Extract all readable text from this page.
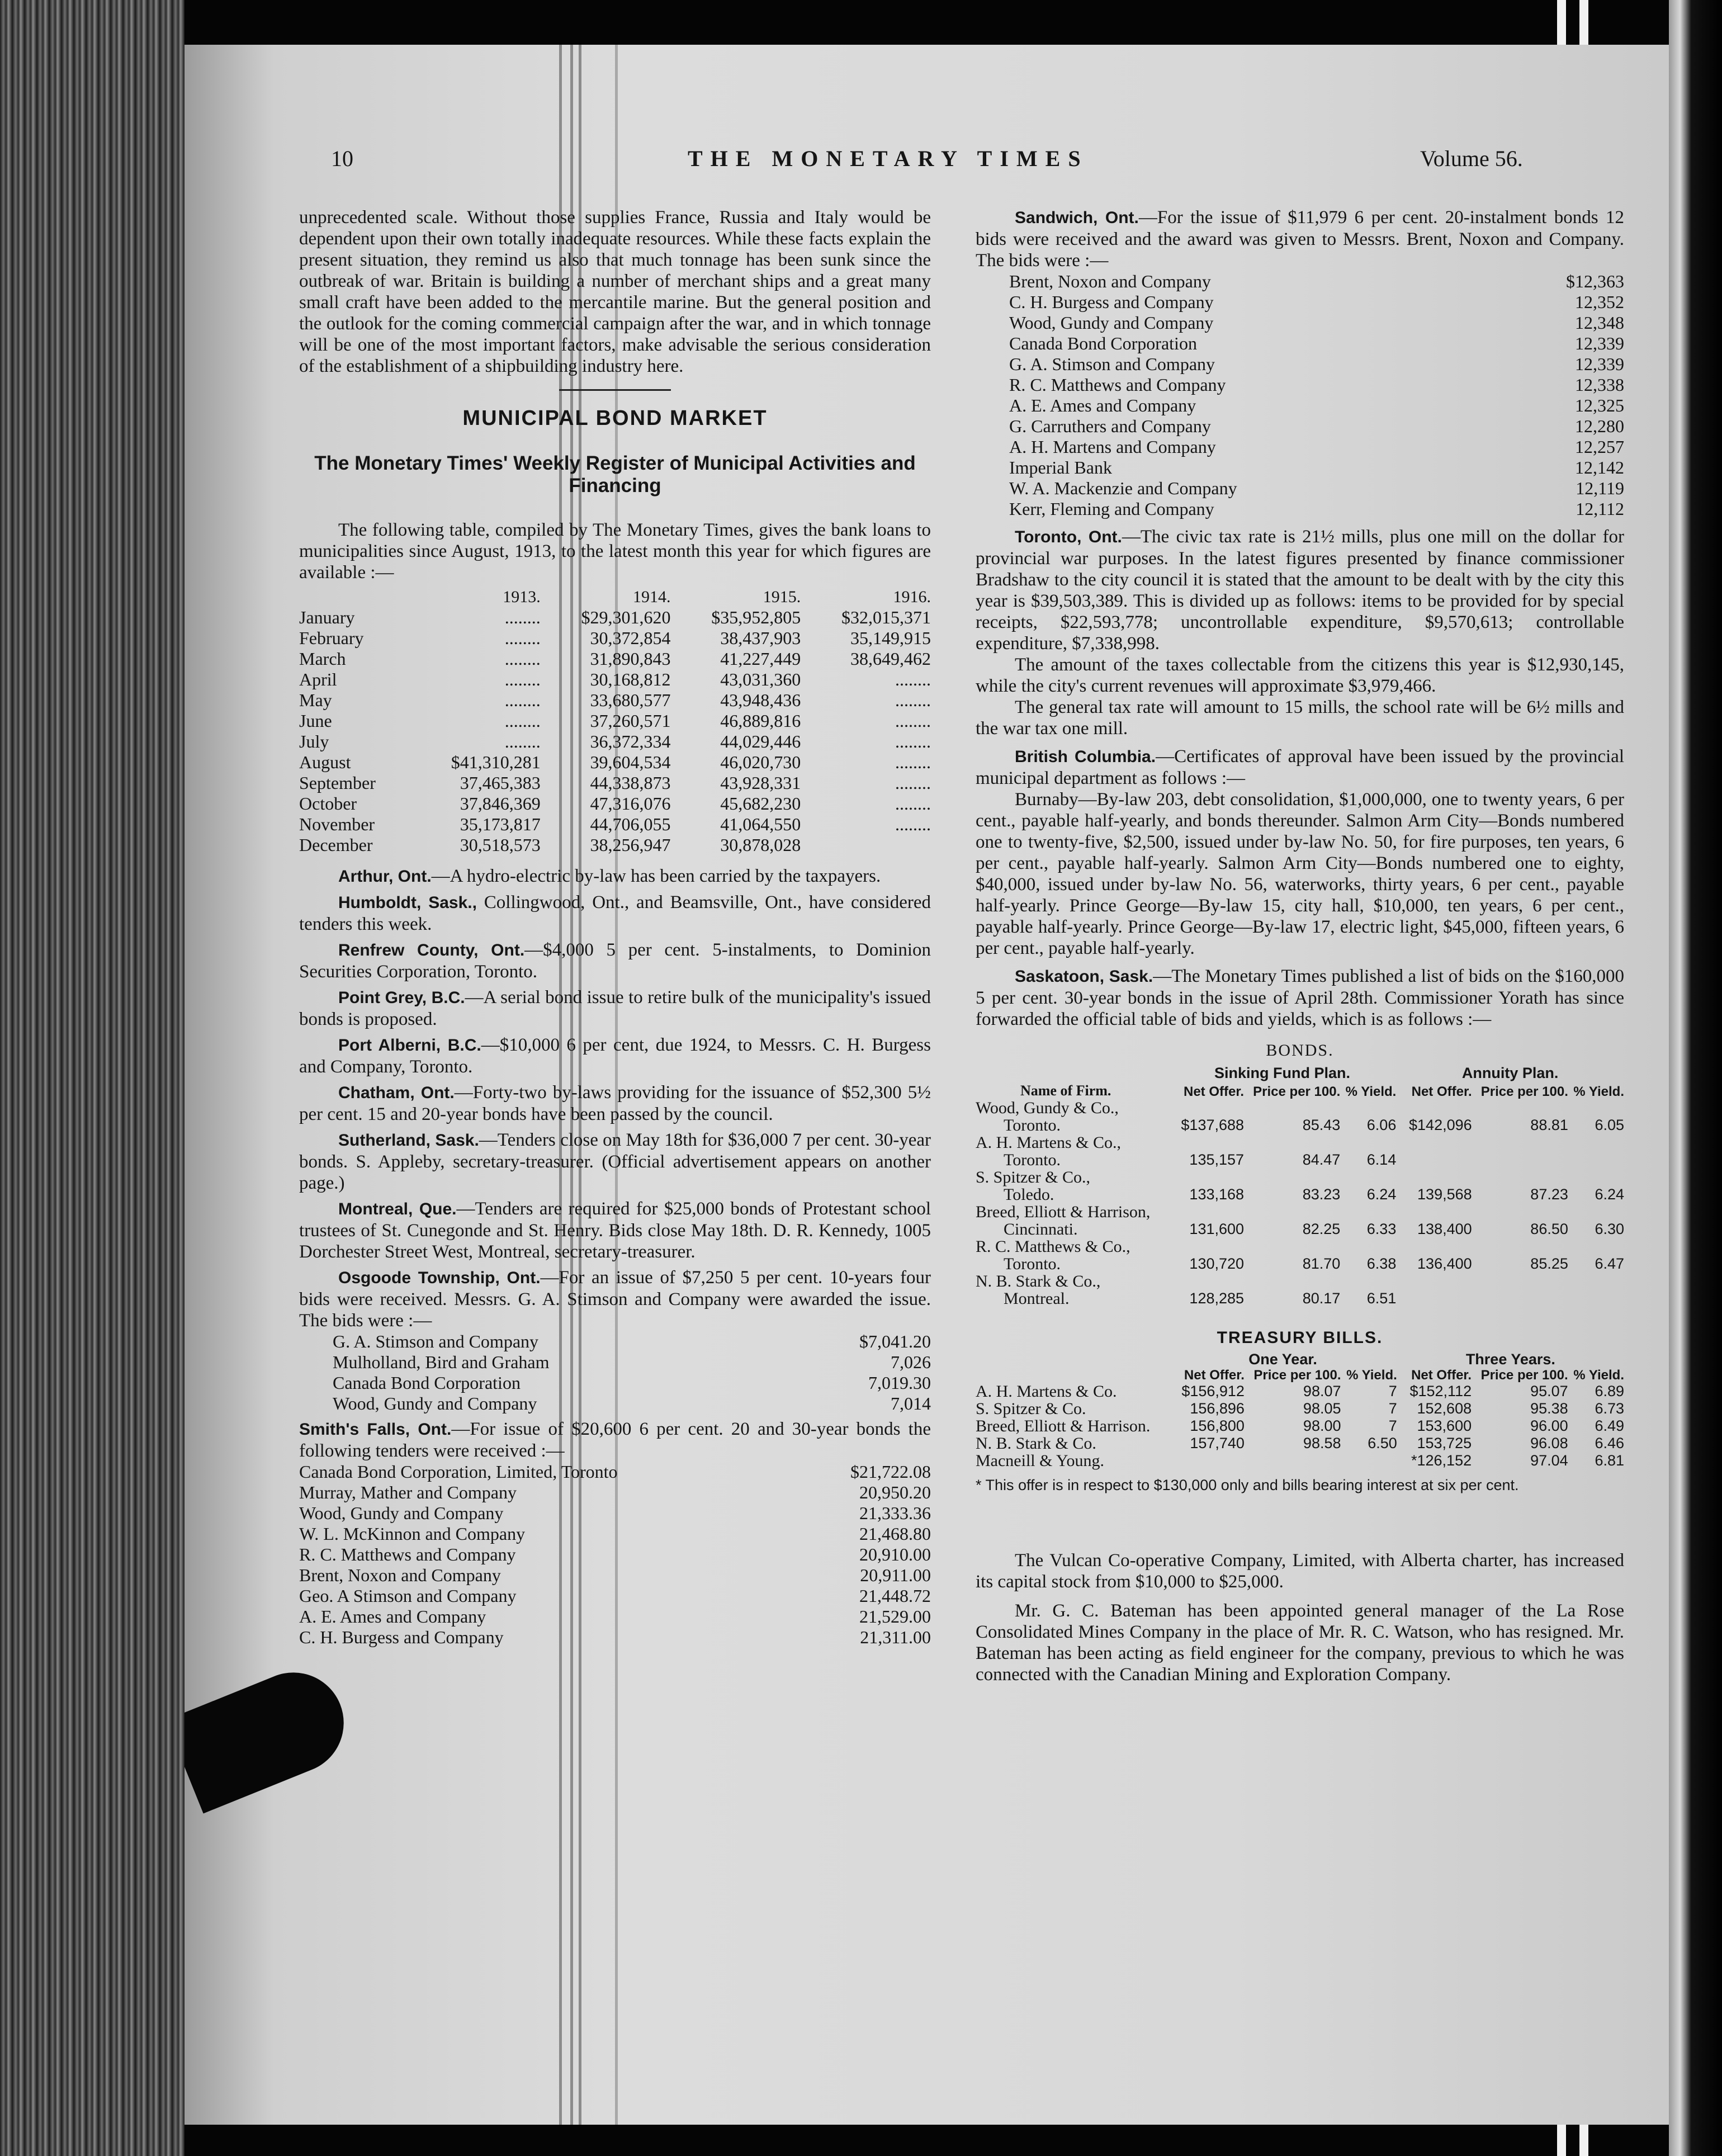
10	THE MONETARY TIMES	Volume 56.

unprecedented scale. Without those supplies France, Russia and Italy would be dependent upon their own totally inadequate resources. While these facts explain the present situation, they remind us also that much tonnage has been sunk since the outbreak of war. Britain is building a number of merchant ships and a great many small craft have been added to the mercantile marine. But the general position and the outlook for the coming commercial campaign after the war, and in which tonnage will be one of the most important factors, make advisable the serious consideration of the establishment of a shipbuilding industry here.

MUNICIPAL BOND MARKET
The Monetary Times' Weekly Register of Municipal Activities and Financing

The following table, compiled by The Monetary Times, gives the bank loans to municipalities since August, 1913, to the latest month this year for which figures are available :—

	1913.	1914.	1915.	1916.
January	........	$29,301,620	$35,952,805	$32,015,371
February	........	30,372,854	38,437,903	35,149,915
March	........	31,890,843	41,227,449	38,649,462
April	........	30,168,812	43,031,360	........
May	........	33,680,577	43,948,436	........
June	........	37,260,571	46,889,816	........
July	........	36,372,334	44,029,446	........
August	$41,310,281	39,604,534	46,020,730	........
September	37,465,383	44,338,873	43,928,331	........
October	37,846,369	47,316,076	45,682,230	........
November	35,173,817	44,706,055	41,064,550	........
December	30,518,573	38,256,947	30,878,028	

Arthur, Ont.—A hydro-electric by-law has been carried by the taxpayers.

Humboldt, Sask., Collingwood, Ont., and Beamsville, Ont., have considered tenders this week.

Renfrew County, Ont.—$4,000 5 per cent. 5-instalments, to Dominion Securities Corporation, Toronto.

Point Grey, B.C.—A serial bond issue to retire bulk of the municipality's issued bonds is proposed.

Port Alberni, B.C.—$10,000 6 per cent, due 1924, to Messrs. C. H. Burgess and Company, Toronto.

Chatham, Ont.—Forty-two by-laws providing for the issuance of $52,300 5½ per cent. 15 and 20-year bonds have been passed by the council.

Sutherland, Sask.—Tenders close on May 18th for $36,000 7 per cent. 30-year bonds. S. Appleby, secretary-treasurer. (Official advertisement appears on another page.)

Montreal, Que.—Tenders are required for $25,000 bonds of Protestant school trustees of St. Cunegonde and St. Henry. Bids close May 18th. D. R. Kennedy, 1005 Dorchester Street West, Montreal, secretary-treasurer.

Osgoode Township, Ont.—For an issue of $7,250 5 per cent. 10-years four bids were received. Messrs. G. A. Stimson and Company were awarded the issue. The bids were :—

G. A. Stimson and Company	$7,041.20
Mulholland, Bird and Graham	7,026
Canada Bond Corporation	7,019.30
Wood, Gundy and Company	7,014

Smith's Falls, Ont.—For issue of $20,600 6 per cent. 20 and 30-year bonds the following tenders were received :—

Canada Bond Corporation, Limited, Toronto	$21,722.08
Murray, Mather and Company	20,950.20
Wood, Gundy and Company	21,333.36
W. L. McKinnon and Company	21,468.80
R. C. Matthews and Company	20,910.00
Brent, Noxon and Company	20,911.00
Geo. A Stimson and Company	21,448.72
A. E. Ames and Company	21,529.00
C. H. Burgess and Company	21,311.00

Sandwich, Ont.—For the issue of $11,979 6 per cent. 20-instalment bonds 12 bids were received and the award was given to Messrs. Brent, Noxon and Company. The bids were :—

Brent, Noxon and Company	$12,363
C. H. Burgess and Company	12,352
Wood, Gundy and Company	12,348
Canada Bond Corporation	12,339
G. A. Stimson and Company	12,339
R. C. Matthews and Company	12,338
A. E. Ames and Company	12,325
G. Carruthers and Company	12,280
A. H. Martens and Company	12,257
Imperial Bank	12,142
W. A. Mackenzie and Company	12,119
Kerr, Fleming and Company	12,112

Toronto, Ont.—The civic tax rate is 21½ mills, plus one mill on the dollar for provincial war purposes. In the latest figures presented by finance commissioner Bradshaw to the city council it is stated that the amount to be dealt with by the city this year is $39,503,389. This is divided up as follows: items to be provided for by special receipts, $22,593,778; uncontrollable expenditure, $9,570,613; controllable expenditure, $7,338,998.

The amount of the taxes collectable from the citizens this year is $12,930,145, while the city's current revenues will approximate $3,979,466.

The general tax rate will amount to 15 mills, the school rate will be 6½ mills and the war tax one mill.

British Columbia.—Certificates of approval have been issued by the provincial municipal department as follows :—

Burnaby—By-law 203, debt consolidation, $1,000,000, one to twenty years, 6 per cent., payable half-yearly, and bonds thereunder. Salmon Arm City—Bonds numbered one to twenty-five, $2,500, issued under by-law No. 50, for fire purposes, ten years, 6 per cent., payable half-yearly. Salmon Arm City—Bonds numbered one to eighty, $40,000, issued under by-law No. 56, waterworks, thirty years, 6 per cent., payable half-yearly. Prince George—By-law 15, city hall, $10,000, ten years, 6 per cent., payable half-yearly. Prince George—By-law 17, electric light, $45,000, fifteen years, 6 per cent., payable half-yearly.

Saskatoon, Sask.—The Monetary Times published a list of bids on the $160,000 5 per cent. 30-year bonds in the issue of April 28th. Commissioner Yorath has since forwarded the official table of bids and yields, which is as follows :—

BONDS.
	Sinking Fund Plan.			Annuity Plan.		
Name of Firm.	Net Offer.	Price per 100.	% Yield.	Net Offer.	Price per 100.	% Yield.
Wood, Gundy & Co.,						
Toronto.	$137,688	85.43	6.06	$142,096	88.81	6.05
A. H. Martens & Co.,						
Toronto.	135,157	84.47	6.14			
S. Spitzer & Co.,						
Toledo.	133,168	83.23	6.24	139,568	87.23	6.24
Breed, Elliott & Harrison,						
Cincinnati.	131,600	82.25	6.33	138,400	86.50	6.30
R. C. Matthews & Co.,						
Toronto.	130,720	81.70	6.38	136,400	85.25	6.47
N. B. Stark & Co.,						
Montreal.	128,285	80.17	6.51			
TREASURY BILLS.
	One Year.			Three Years.		
	Net Offer.	Price per 100.	% Yield.	Net Offer.	Price per 100.	% Yield.
A. H. Martens & Co.	$156,912	98.07	7	$152,112	95.07	6.89
S. Spitzer & Co.	156,896	98.05	7	152,608	95.38	6.73
Breed, Elliott & Harrison.	156,800	98.00	7	153,600	96.00	6.49
N. B. Stark & Co.	157,740	98.58	6.50	153,725	96.08	6.46
Macneill & Young.				*126,152	97.04	6.81

* This offer is in respect to $130,000 only and bills bearing interest at six per cent.

The Vulcan Co-operative Company, Limited, with Alberta charter, has increased its capital stock from $10,000 to $25,000.

Mr. G. C. Bateman has been appointed general manager of the La Rose Consolidated Mines Company in the place of Mr. R. C. Watson, who has resigned. Mr. Bateman has been acting as field engineer for the company, previous to which he was connected with the Canadian Mining and Exploration Company.
